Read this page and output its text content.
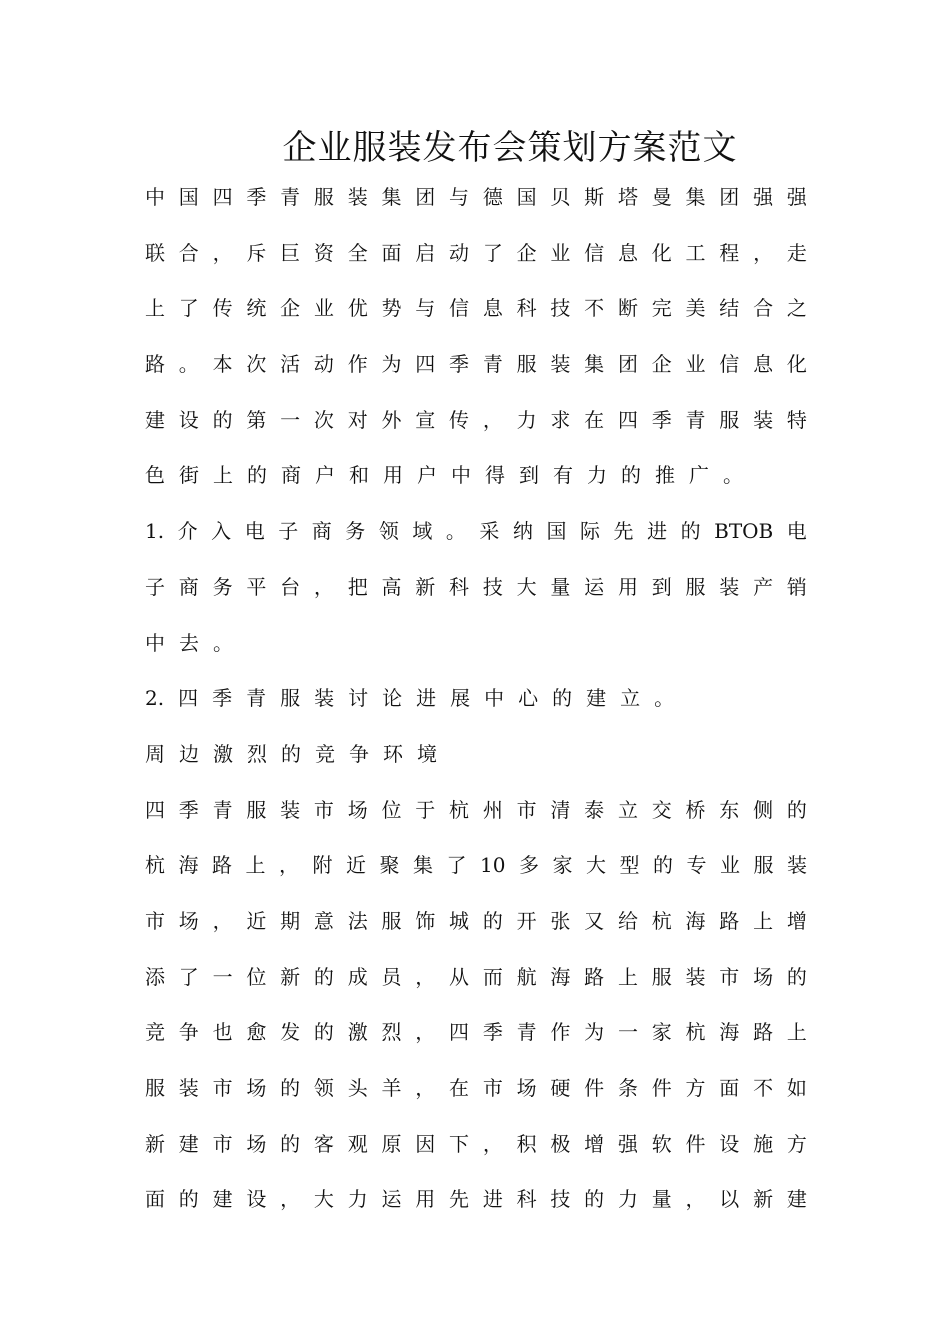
企业服装发布会策划方案范文
中 国 四 季 青 服 装 集 团 与 德 国 贝 斯 塔 曼 集 团 强 强
联 合 ， 斥 巨 资 全 面 启 动 了 企 业 信 息 化 工 程 ， 走
上 了 传 统 企 业 优 势 与 信 息 科 技 不 断 完 美 结 合 之
路 。 本 次 活 动 作 为 四 季 青 服 装 集 团 企 业 信 息 化
建 设 的 第 一 次 对 外 宣 传 ， 力 求 在 四 季 青 服 装 特
色 街 上 的 商 户 和 用 户 中 得 到 有 力 的 推 广 。
1. 介 入 电 子 商 务 领 域 。 采 纳 国 际 先 进 的 BTOB 电
子 商 务 平 台 ， 把 高 新 科 技 大 量 运 用 到 服 装 产 销
中 去 。
2. 四 季 青 服 装 讨 论 进 展 中 心 的 建 立 。
周 边 激 烈 的 竞 争 环 境
四 季 青 服 装 市 场 位 于 杭 州 市 清 泰 立 交 桥 东 侧 的
杭 海 路 上 ， 附 近 聚 集 了 10 多 家 大 型 的 专 业 服 装
市 场 ， 近 期 意 法 服 饰 城 的 开 张 又 给 杭 海 路 上 增
添 了 一 位 新 的 成 员 ， 从 而 航 海 路 上 服 装 市 场 的
竞 争 也 愈 发 的 激 烈 ， 四 季 青 作 为 一 家 杭 海 路 上
服 装 市 场 的 领 头 羊 ， 在 市 场 硬 件 条 件 方 面 不 如
新 建 市 场 的 客 观 原 因 下 ， 积 极 增 强 软 件 设 施 方
面 的 建 设 ， 大 力 运 用 先 进 科 技 的 力 量 ， 以 新 建
